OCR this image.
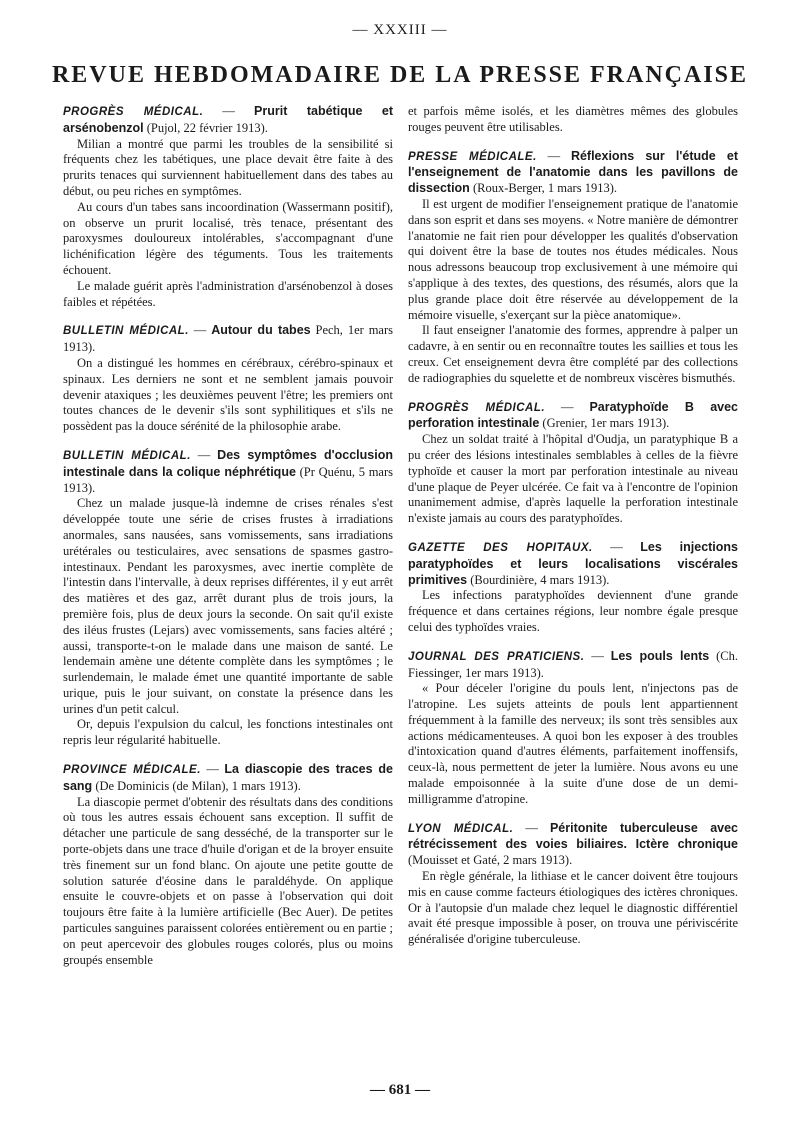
— XXXIII —
REVUE HEBDOMADAIRE DE LA PRESSE FRANÇAISE

PROGRÈS MÉDICAL. — Prurit tabétique et arsénobenzol (Pujol, 22 février 1913).

Milian a montré que parmi les troubles de la sensibilité si fréquents chez les tabétiques, une place devait être faite à des prurits tenaces qui surviennent habituellement dans des tabes au début, ou peu riches en symptômes.

Au cours d'un tabes sans incoordination (Wassermann positif), on observe un prurit localisé, très tenace, présentant des paroxysmes douloureux intolérables, s'accompagnant d'une lichénification légère des téguments. Tous les traitements échouent.

Le malade guérit après l'administration d'arsénobenzol à doses faibles et répétées.

BULLETIN MÉDICAL. — Autour du tabes Pech, 1er mars 1913).

On a distingué les hommes en cérébraux, cérébro-spinaux et spinaux. Les derniers ne sont et ne semblent jamais pouvoir devenir ataxiques ; les deuxièmes peuvent l'être; les premiers ont toutes chances de le devenir s'ils sont syphilitiques et s'ils ne possèdent pas la douce sérénité de la philosophie arabe.

BULLETIN MÉDICAL. — Des symptômes d'occlusion intestinale dans la colique néphrétique (Pr Quénu, 5 mars 1913).

Chez un malade jusque-là indemne de crises rénales s'est développée toute une série de crises frustes à irradiations anormales, sans nausées, sans vomissements, sans irradiations urétérales ou testiculaires, avec sensations de spasmes gastro-intestinaux. Pendant les paroxysmes, avec inertie complète de l'intestin dans l'intervalle, à deux reprises différentes, il y eut arrêt des matières et des gaz, arrêt durant plus de trois jours, la première fois, plus de deux jours la seconde. On sait qu'il existe des iléus frustes (Lejars) avec vomissements, sans facies altéré ; aussi, transporte-t-on le malade dans une maison de santé. Le lendemain amène une détente complète dans les symptômes ; le surlendemain, le malade émet une quantité importante de sable urique, puis le jour suivant, on constate la présence dans les urines d'un petit calcul.

Or, depuis l'expulsion du calcul, les fonctions intestinales ont repris leur régularité habituelle.

PROVINCE MÉDICALE. — La diascopie des traces de sang (De Dominicis (de Milan), 1 mars 1913).

La diascopie permet d'obtenir des résultats dans des conditions où tous les autres essais échouent sans exception. Il suffit de détacher une particule de sang desséché, de la transporter sur le porte-objets dans une trace d'huile d'origan et de la broyer ensuite très finement sur un fond blanc. On ajoute une petite goutte de solution saturée d'éosine dans le paraldéhyde. On applique ensuite le couvre-objets et on passe à l'observation qui doit toujours être faite à la lumière artificielle (Bec Auer). De petites particules sanguines paraissent colorées entièrement ou en partie ; on peut apercevoir des globules rouges colorés, plus ou moins groupés ensemble

et parfois même isolés, et les diamètres mêmes des globules rouges peuvent être utilisables.

PRESSE MÉDICALE. — Réflexions sur l'étude et l'enseignement de l'anatomie dans les pavillons de dissection (Roux-Berger, 1 mars 1913).

Il est urgent de modifier l'enseignement pratique de l'anatomie dans son esprit et dans ses moyens. « Notre manière de démontrer l'anatomie ne fait rien pour développer les qualités d'observation qui doivent être la base de toutes nos études médicales. Nous nous adressons beaucoup trop exclusivement à une mémoire qui s'applique à des textes, des questions, des résumés, alors que la plus grande place doit être réservée au développement de la mémoire visuelle, s'exerçant sur la pièce anatomique».

Il faut enseigner l'anatomie des formes, apprendre à palper un cadavre, à en sentir ou en reconnaître toutes les saillies et tous les creux. Cet enseignement devra être complété par des collections de radiographies du squelette et de nombreux viscères bismuthés.

PROGRÈS MÉDICAL. — Paratyphoïde B avec perforation intestinale (Grenier, 1er mars 1913).

Chez un soldat traité à l'hôpital d'Oudja, un paratyphique B a pu créer des lésions intestinales semblables à celles de la fièvre typhoïde et causer la mort par perforation intestinale au niveau d'une plaque de Peyer ulcérée. Ce fait va à l'encontre de l'opinion unanimement admise, d'après laquelle la perforation intestinale n'existe jamais au cours des paratyphoïdes.

GAZETTE DES HOPITAUX. — Les injections paratyphoïdes et leurs localisations viscérales primitives (Bourdinière, 4 mars 1913).

Les infections paratyphoïdes deviennent d'une grande fréquence et dans certaines régions, leur nombre égale presque celui des typhoïdes vraies.

JOURNAL DES PRATICIENS. — Les pouls lents (Ch. Fiessinger, 1er mars 1913).

« Pour déceler l'origine du pouls lent, n'injectons pas de l'atropine. Les sujets atteints de pouls lent appartiennent fréquemment à la famille des nerveux; ils sont très sensibles aux actions médicamenteuses. A quoi bon les exposer à des troubles d'intoxication quand d'autres éléments, parfaitement inoffensifs, ceux-là, nous permettent de jeter la lumière. Nous avons eu une malade empoisonnée à la suite d'une dose de un demi-milligramme d'atropine.

LYON MÉDICAL. — Péritonite tuberculeuse avec rétrécissement des voies biliaires. Ictère chronique (Mouisset et Gaté, 2 mars 1913).

En règle générale, la lithiase et le cancer doivent être toujours mis en cause comme facteurs étiologiques des ictères chroniques. Or à l'autopsie d'un malade chez lequel le diagnostic différentiel avait été presque impossible à poser, on trouva une périviscérite généralisée d'origine tuberculeuse.

— 681 —
